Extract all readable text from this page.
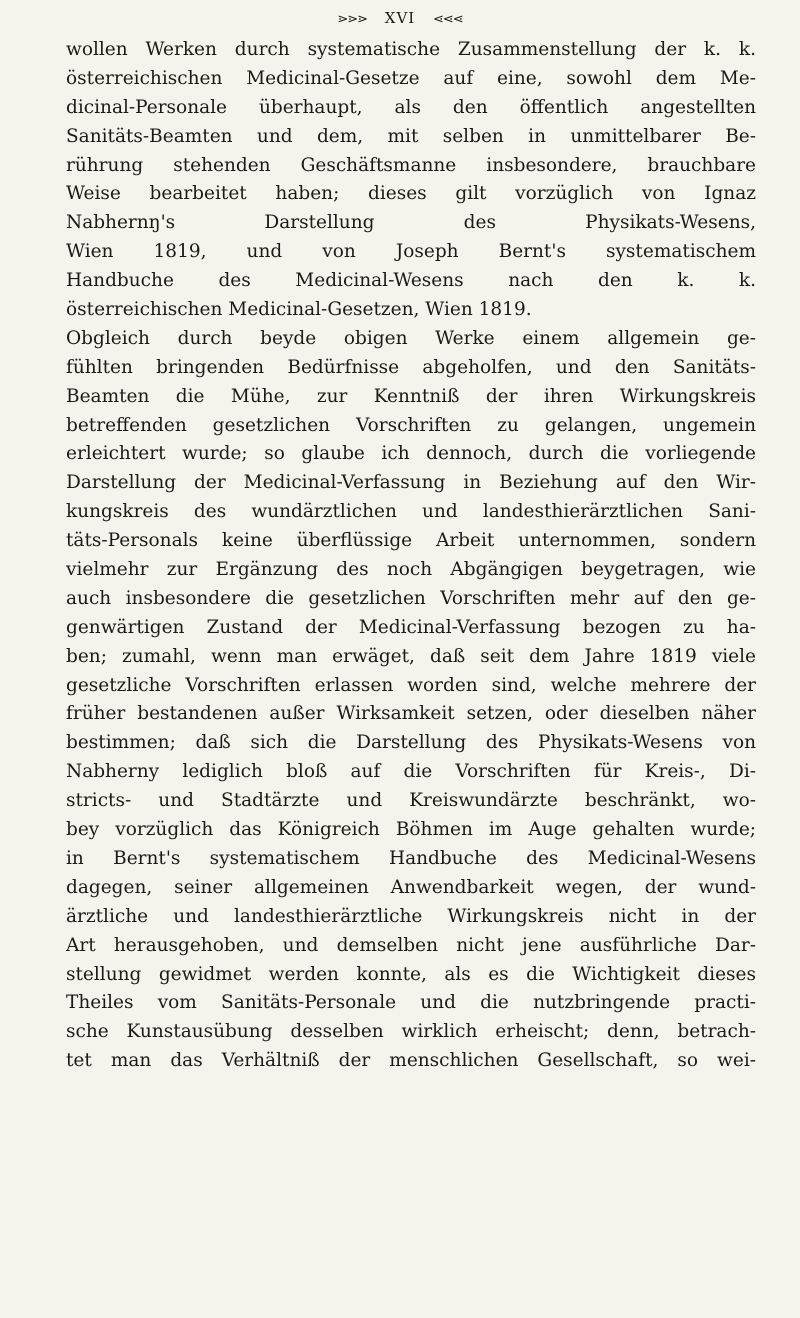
⋗⋗⋗ XVI ⋖⋖⋖
wollen Werken durch systematische Zusammenstellung der k. k.
österreichischen Medicinal-Gesetze auf eine, sowohl dem Me-
dicinal-Personale überhaupt, als den öffentlich angestellten
Sanitäts-Beamten und dem, mit selben in unmittelbarer Be-
rührung stehenden Geschäftsmanne insbesondere, brauchbare
Weise bearbeitet haben; dieses gilt vorzüglich von Ignaz
Nabhernŋ's Darstellung des Physikats-Wesens,
Wien 1819, und von Joseph Bernt's systematischem
Handbuche des Medicinal-Wesens nach den k. k.
österreichischen Medicinal-Gesetzen, Wien 1819.
Obgleich durch beyde obigen Werke einem allgemein ge-
fühlten bringenden Bedürfnisse abgeholfen, und den Sanitäts-
Beamten die Mühe, zur Kenntniß der ihren Wirkungskreis
betreffenden gesetzlichen Vorschriften zu gelangen, ungemein
erleichtert wurde; so glaube ich dennoch, durch die vorliegende
Darstellung der Medicinal-Verfassung in Beziehung auf den Wir-
kungskreis des wundärztlichen und landesthierärztlichen Sani-
täts-Personals keine überflüssige Arbeit unternommen, sondern
vielmehr zur Ergänzung des noch Abgängigen beygetragen, wie
auch insbesondere die gesetzlichen Vorschriften mehr auf den ge-
genwärtigen Zustand der Medicinal-Verfassung bezogen zu ha-
ben; zumahl, wenn man erwäget, daß seit dem Jahre 1819 viele
gesetzliche Vorschriften erlassen worden sind, welche mehrere der
früher bestandenen außer Wirksamkeit setzen, oder dieselben näher
bestimmen; daß sich die Darstellung des Physikats-Wesens von
Nabherny lediglich bloß auf die Vorschriften für Kreis-, Di-
stricts- und Stadtärzte und Kreiswundärzte beschränkt, wo-
bey vorzüglich das Königreich Böhmen im Auge gehalten wurde;
in Bernt's systematischem Handbuche des Medicinal-Wesens
dagegen, seiner allgemeinen Anwendbarkeit wegen, der wund-
ärztliche und landesthierärztliche Wirkungskreis nicht in der
Art herausgehoben, und demselben nicht jene ausführliche Dar-
stellung gewidmet werden konnte, als es die Wichtigkeit dieses
Theiles vom Sanitäts-Personale und die nutzbringende practi-
sche Kunstausübung desselben wirklich erheischt; denn, betrach-
tet man das Verhältniß der menschlichen Gesellschaft, so wei-
